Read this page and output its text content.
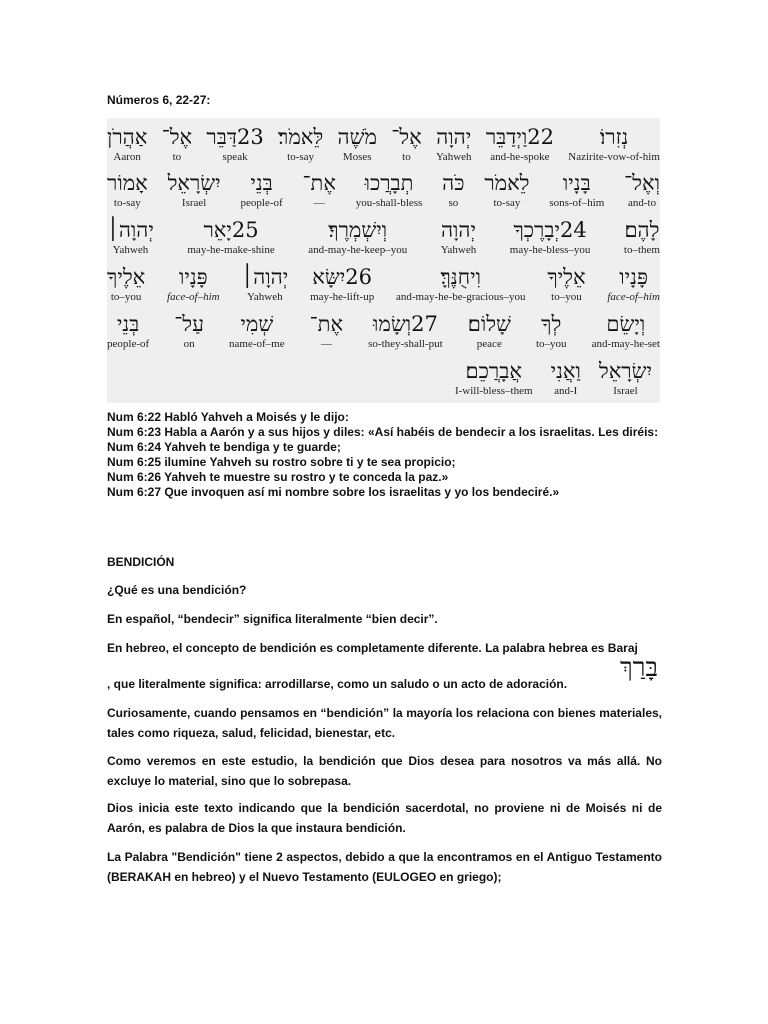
Números 6, 22-27:

נְזִרוֹ׃
Nazirite-vow-of-him
22וַיְדַבֵּר
and-he-spoke
יְהוָה
Yahweh
אֶל־
to
מֹשֶׁה
Moses
לֵּאמֹר׃
to-say
23דַּבֵּר
speak
אֶל־
to
אַהֲרֹן
Aaron
וְאֶל־
and-to
בָּנָיו
sons-of–him
לֵאמֹר
to-say
כֹּה
so
תְבָרֲכוּ
you-shall-bless
אֶת־
—
בְּנֵי
people-of
יִשְׂרָאֵל
Israel
אָמוֹר
to-say
לָהֶם׃
to–them
24יְבָרֶכְךָ
may-he-bless–you
יְהוָה
Yahweh
וְיִשְׁמְרֶךָ׃
and-may-he-keep–you
25יָאֵר
may-he-make-shine
יְהוָה׀
Yahweh
פָּנָיו
face-of–him
אֵלֶיךָ
to–you
וִיחֻנֶּךָּ׃
and-may-he-be-gracious–you
26יִשָּׂא
may-he-lift-up
יְהוָה׀
Yahweh
פָּנָיו
face-of–him
אֵלֶיךָ
to–you
וְיָשֵׂם
and-may-he-set
לְךָ
to–you
שָׁלוֹם׃
peace
27וְשָׂמוּ
so-they-shall-put
אֶת־
—
שְׁמִי
name-of–me
עַל־
on
בְּנֵי
people-of
יִשְׂרָאֵל
Israel
וַאֲנִי
and-I
אֲבָרֲכֵם׃
I-will-bless–them
Num 6:22 Habló Yahveh a Moisés y le dijo:
Num 6:23 Habla a Aarón y a sus hijos y diles: «Así habéis de bendecir a los israelitas. Les diréis:
Num 6:24 Yahveh te bendiga y te guarde;
Num 6:25 ilumine Yahveh su rostro sobre ti y te sea propicio;
Num 6:26 Yahveh te muestre su rostro y te conceda la paz.»
Num 6:27 Que invoquen así mi nombre sobre los israelitas y yo los bendeciré.»

BENDICIÓN

¿Qué es una bendición?

En español, “bendecir” significa literalmente “bien decir”.

En hebreo, el concepto de bendición es completamente diferente. La palabra hebrea es Baraj

בָּרַךְ

, que literalmente significa: arrodillarse, como un saludo o un acto de adoración.

Curiosamente, cuando pensamos en “bendición” la mayoría los relaciona con bienes materiales, tales como riqueza, salud, felicidad, bienestar, etc.

Como veremos en este estudio, la bendición que Dios desea para nosotros va más allá. No excluye lo material, sino que lo sobrepasa.

Dios inicia este texto indicando que la bendición sacerdotal, no proviene ni de Moisés ni de Aarón, es palabra de Dios la que instaura bendición.

La Palabra "Bendición" tiene 2 aspectos, debido a que la encontramos en el Antiguo Testamento (BERAKAH en hebreo) y el Nuevo Testamento (EULOGEO en griego);
